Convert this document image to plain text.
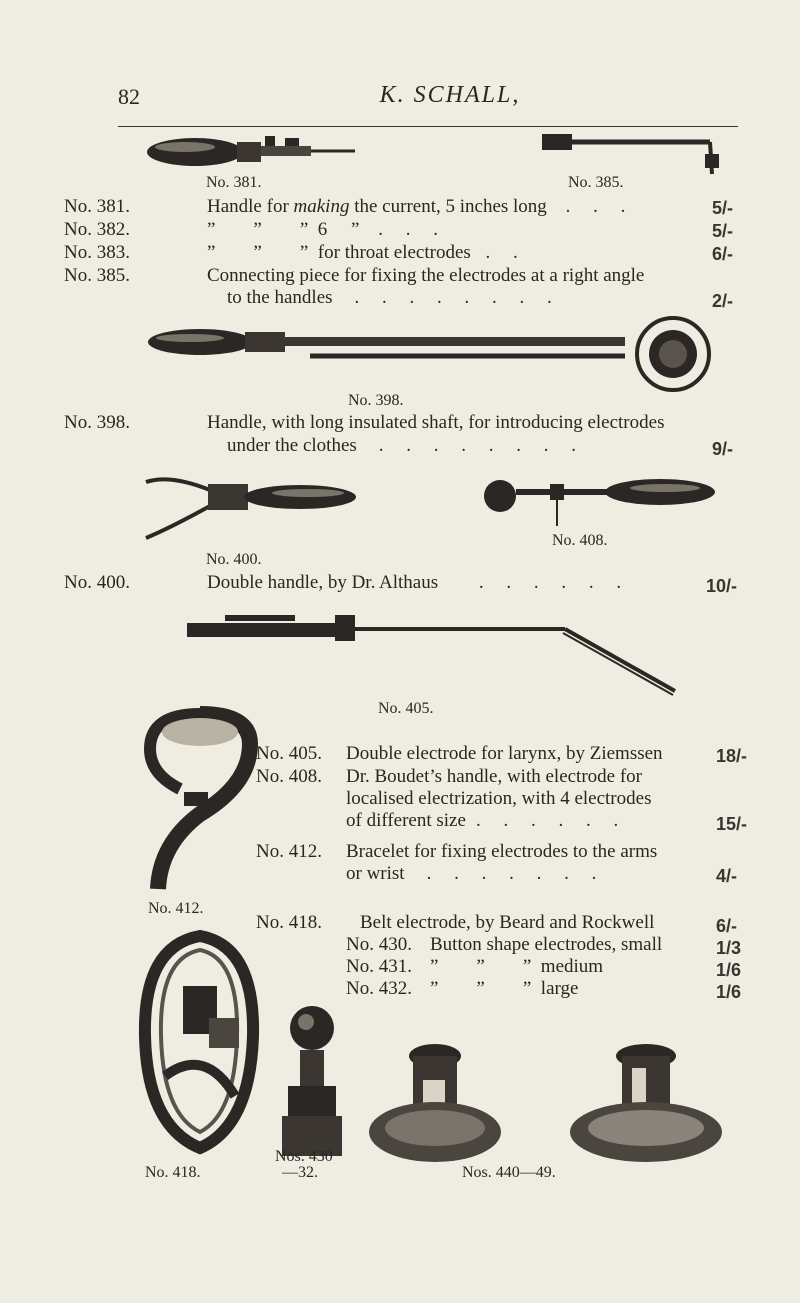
82	K. SCHALL,
No. 381.	No. 385.
No. 381.	Handle for making the current, 5 inches long . . .	5/-
No. 382.	”        ”        ”  6     ” . . .	5/-
No. 383.	”        ”        ”  for throat electrodes . .	6/-
No. 385.	Connecting piece for fixing the electrodes at a right angle
to the handles . . . . . . . .	2/-
No. 398.
No. 398.	Handle, with long insulated shaft, for introducing electrodes
under the clothes . . . . . . . .	9/-
No. 408.
No. 400.
No. 400.	Double handle, by Dr. Althaus . . . . . .	10/-
No. 405.
No. 405. Double electrode for larynx, by Ziemssen	18/-
No. 408. Dr. Boudet’s handle, with electrode for
localised electrization, with 4 electrodes
of different size . . . . . .	15/-
No. 412. Bracelet for fixing electrodes to the arms
or wrist . . . . . . .	4/-
No. 412.
No. 418. Belt electrode, by Beard and Rockwell	6/-
No. 430. Button shape electrodes, small	1/3
No. 431. ”        ”        ”  medium	1/6
No. 432. ”        ”        ”  large	1/6
No. 418.
Nos. 430
—32.	Nos. 440—49.
